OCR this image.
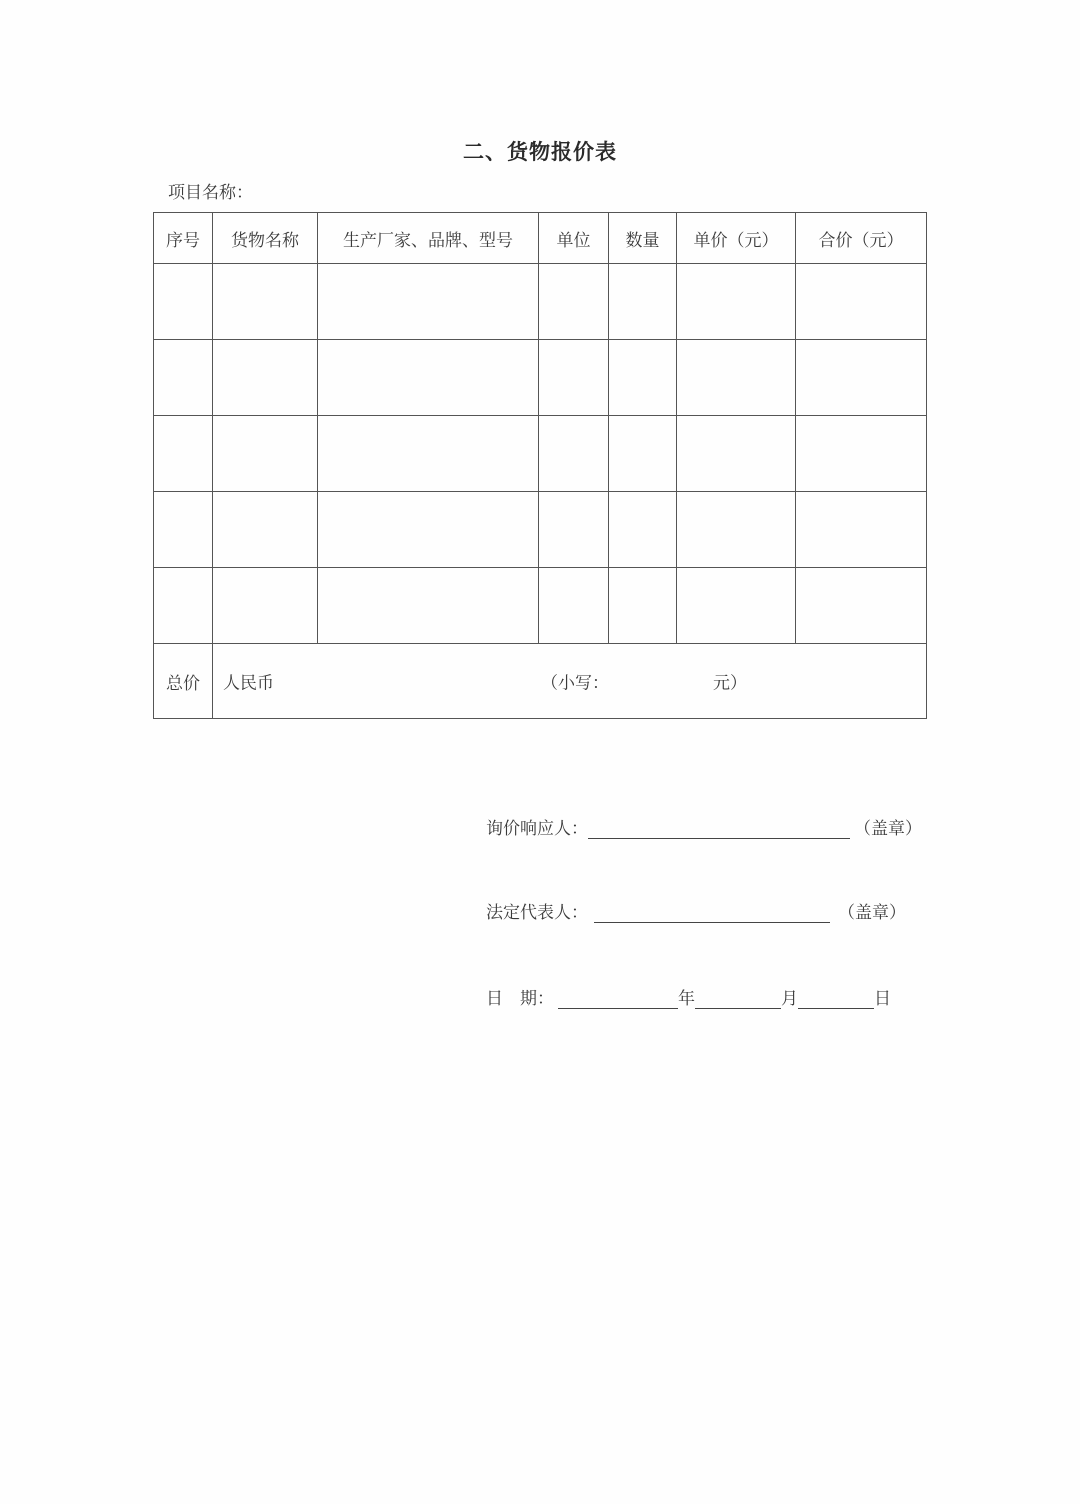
二、货物报价表
项目名称：
序号	货物名称	生产厂家、品牌、型号	单位	数量	单价（元）	合价（元）

总价	人民币 （小写： 元）					
询价响应人：	（盖章）
法定代表人：	（盖章）
日　期：	年	月	日
